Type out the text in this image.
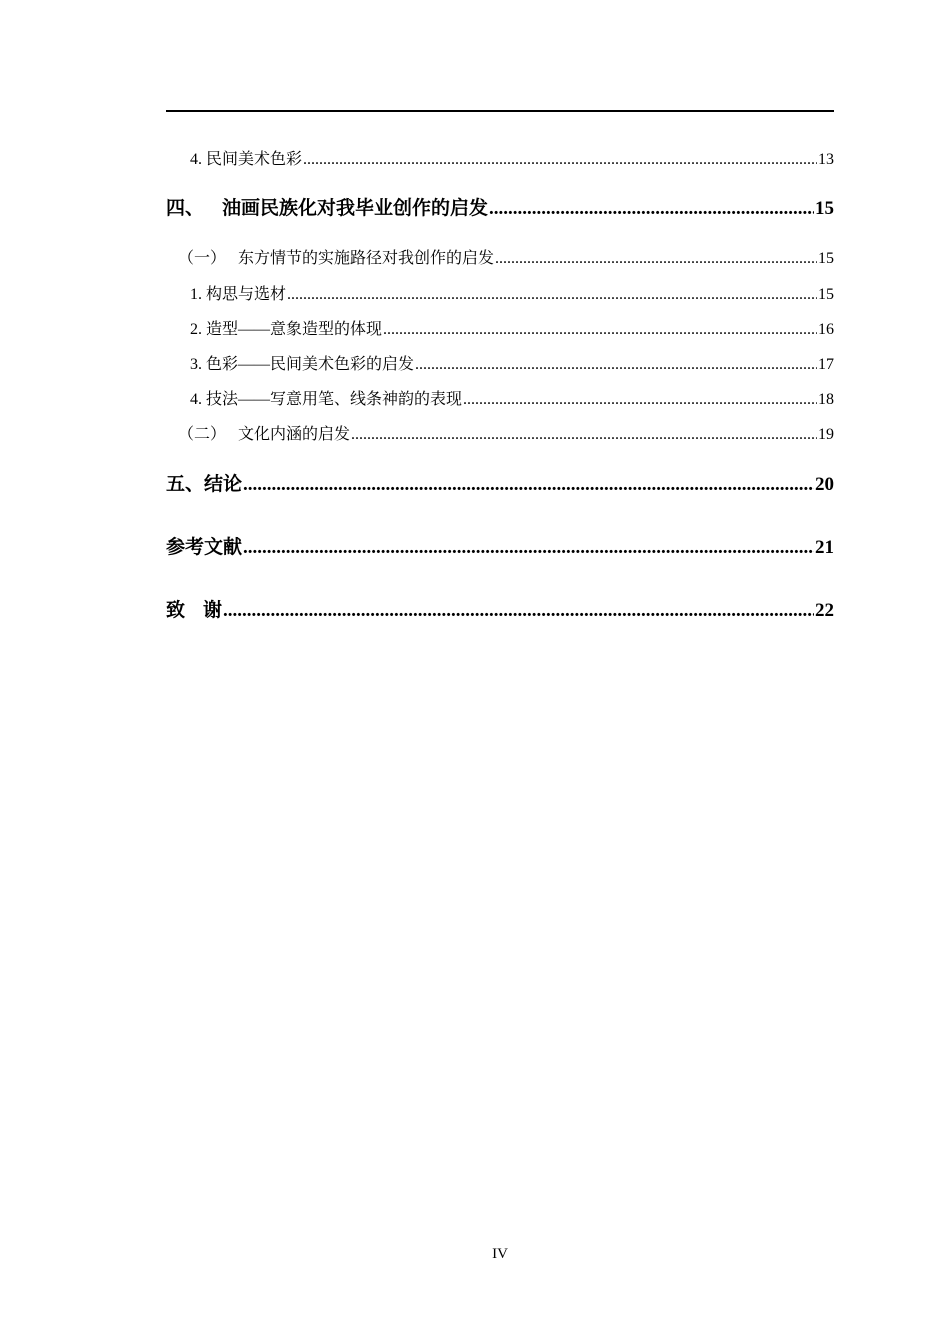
4. 民间美术色彩 .....	13
四、 油画民族化对我毕业创作的启发 .....	15
（一） 东方情节的实施路径对我创作的启发 .....	15
1. 构思与选材 .....	15
2. 造型——意象造型的体现 .....	16
3. 色彩——民间美术色彩的启发 .....	17
4. 技法——写意用笔、线条神韵的表现 .....	18
（二） 文化内涵的启发 .....	19
五、结论 .....	20
参考文献 .....	21
致 谢 .....	22
IV
